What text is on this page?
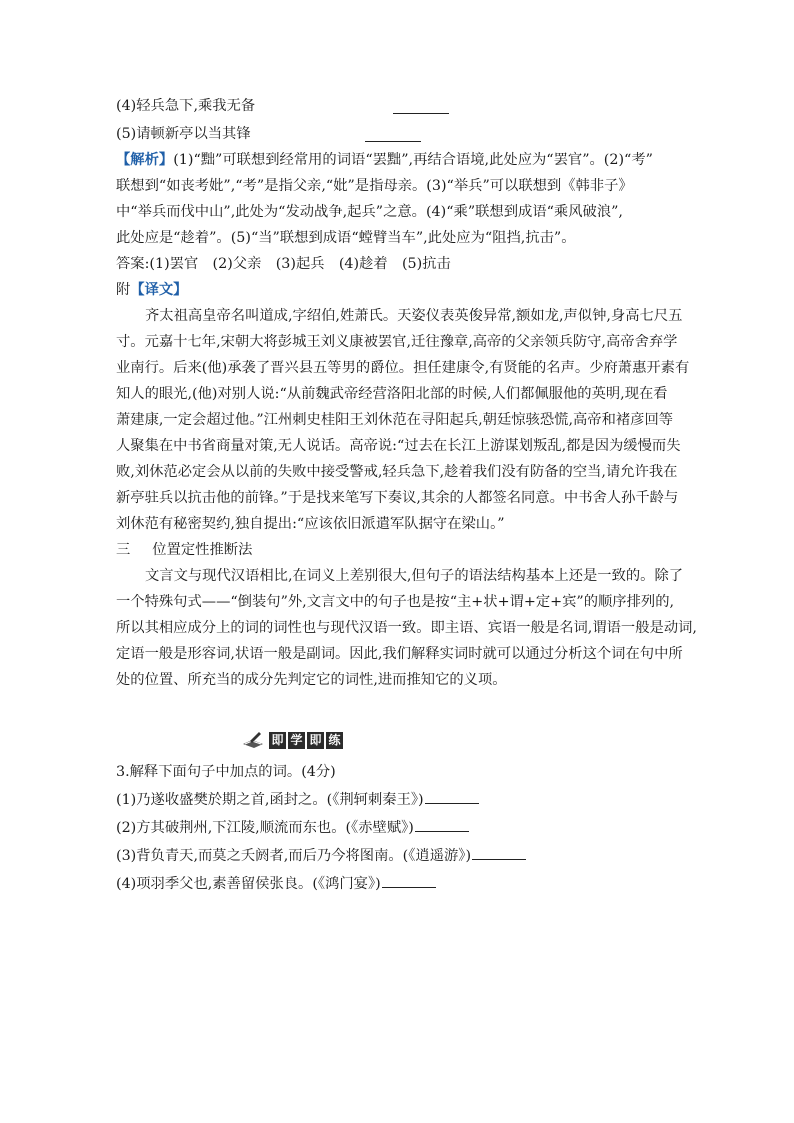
(4)轻兵急下,乘我无备
(5)请顿新亭以当其锋
【解析】(1)“黜”可联想到经常用的词语“罢黜”,再结合语境,此处应为“罢官”。(2)“考”
联想到“如丧考妣”,“考”是指父亲,“妣”是指母亲。(3)“举兵”可以联想到《韩非子》
中“举兵而伐中山”,此处为“发动战争,起兵”之意。(4)“乘”联想到成语“乘风破浪”,
此处应是“趁着”。(5)“当”联想到成语“螳臂当车”,此处应为“阻挡,抗击”。
答案:(1)罢官　(2)父亲　(3)起兵　(4)趁着　(5)抗击
附【译文】
齐太祖高皇帝名叫道成,字绍伯,姓萧氏。天姿仪表英俊异常,额如龙,声似钟,身高七尺五
寸。元嘉十七年,宋朝大将彭城王刘义康被罢官,迁往豫章,高帝的父亲领兵防守,高帝舍弃学
业南行。后来(他)承袭了晋兴县五等男的爵位。担任建康令,有贤能的名声。少府萧惠开素有
知人的眼光,(他)对别人说:“从前魏武帝经营洛阳北部的时候,人们都佩服他的英明,现在看
萧建康,一定会超过他。”江州刺史桂阳王刘休范在寻阳起兵,朝廷惊骇恐慌,高帝和褚彦回等
人聚集在中书省商量对策,无人说话。高帝说:“过去在长江上游谋划叛乱,都是因为缓慢而失
败,刘休范必定会从以前的失败中接受警戒,轻兵急下,趁着我们没有防备的空当,请允许我在
新亭驻兵以抗击他的前锋。”于是找来笔写下奏议,其余的人都签名同意。中书舍人孙千龄与
刘休范有秘密契约,独自提出:“应该依旧派遣军队据守在梁山。”
三 位置定性推断法
文言文与现代汉语相比,在词义上差别很大,但句子的语法结构基本上还是一致的。除了
一个特殊句式——“倒装句”外,文言文中的句子也是按“主+状+谓+定+宾”的顺序排列的,
所以其相应成分上的词的词性也与现代汉语一致。即主语、宾语一般是名词,谓语一般是动词,
定语一般是形容词,状语一般是副词。因此,我们解释实词时就可以通过分析这个词在句中所
处的位置、所充当的成分先判定它的词性,进而推知它的义项。
即 学 即 练
3.解释下面句子中加点的词。(4分)
(1)乃遂收盛樊於期之首,函封之。(《荆轲刺秦王》)
(2)方其破荆州,下江陵,顺流而东也。(《赤壁赋》)
(3)背负青天,而莫之夭阏者,而后乃今将图南。(《逍遥游》)
(4)项羽季父也,素善留侯张良。(《鸿门宴》)
